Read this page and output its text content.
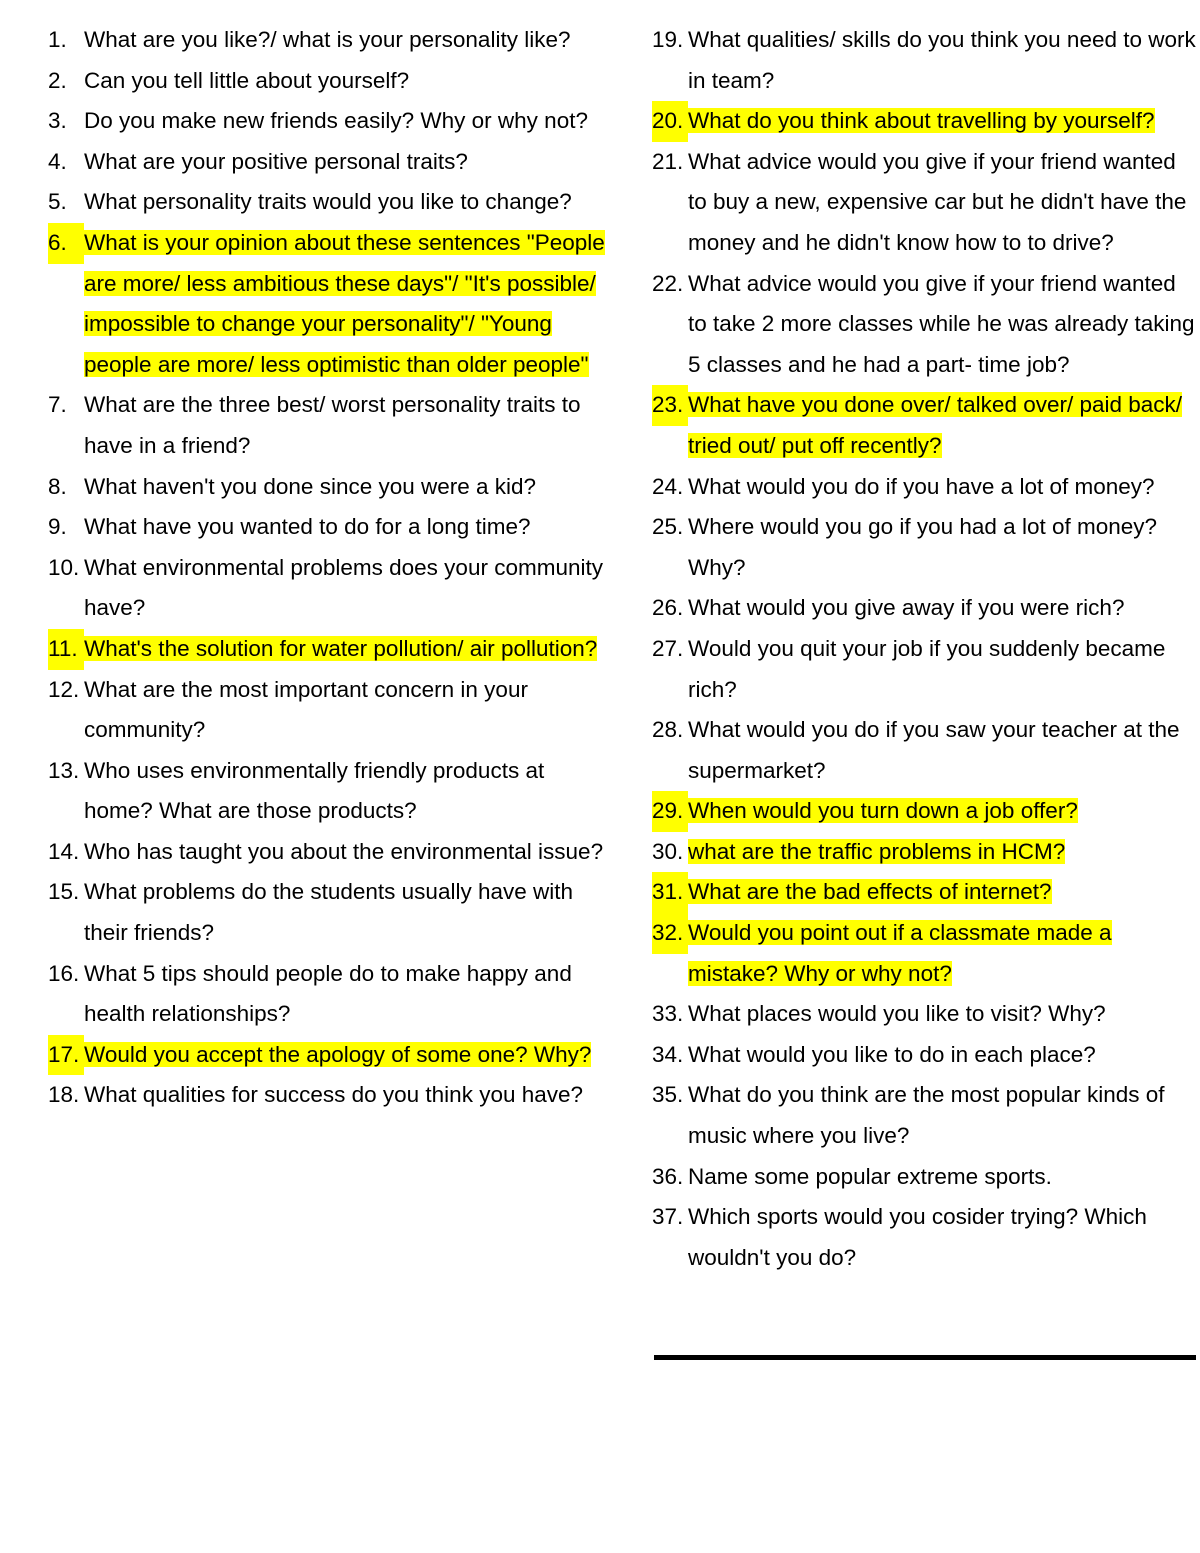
1. What are you like?/ what is your personality like?
2. Can you tell little about yourself?
3. Do you make new friends easily? Why or why not?
4. What are your positive personal traits?
5. What personality traits would you like to change?
6. What is your opinion about these sentences "People are more/ less ambitious these days"/ "It's possible/ impossible to change your personality"/ "Young people are more/ less optimistic than older people"
7. What are the three best/ worst personality traits to have in a friend?
8. What haven't you done since you were a kid?
9. What have you wanted to do for a long time?
10. What environmental problems does your community have?
11. What's the solution for water pollution/ air pollution?
12. What are the most important concern in your community?
13. Who uses environmentally friendly products at home? What are those products?
14. Who has taught you about the environmental issue?
15. What problems do the students usually have with their friends?
16. What 5 tips should people do to make happy and health relationships?
17. Would you accept the apology of some one? Why?
18. What qualities for success do you think you have?
19. What qualities/ skills do you think you need to work in team?
20. What do you think about travelling by yourself?
21. What advice would you give if your friend wanted to buy a new, expensive car but he didn't have the money and he didn't know how to to drive?
22. What advice would you give if your friend wanted to take 2 more classes while he was already taking 5 classes and he had a part- time job?
23. What have you done over/ talked over/ paid back/ tried out/ put off recently?
24. What would you do if you have a lot of money?
25. Where would you go if you had a lot of money? Why?
26. What would you give away if you were rich?
27. Would you quit your job if you suddenly became rich?
28. What would you do if you saw your teacher at the supermarket?
29. When would you turn down a job offer?
30. what are the traffic problems in HCM?
31. What are the bad effects of internet?
32. Would you point out if a classmate made a mistake? Why or why not?
33. What places would you like to visit? Why?
34. What would you like to do in each place?
35. What do you think are the most popular kinds of music where you live?
36. Name some popular extreme sports.
37. Which sports would you cosider trying? Which wouldn't you do?
